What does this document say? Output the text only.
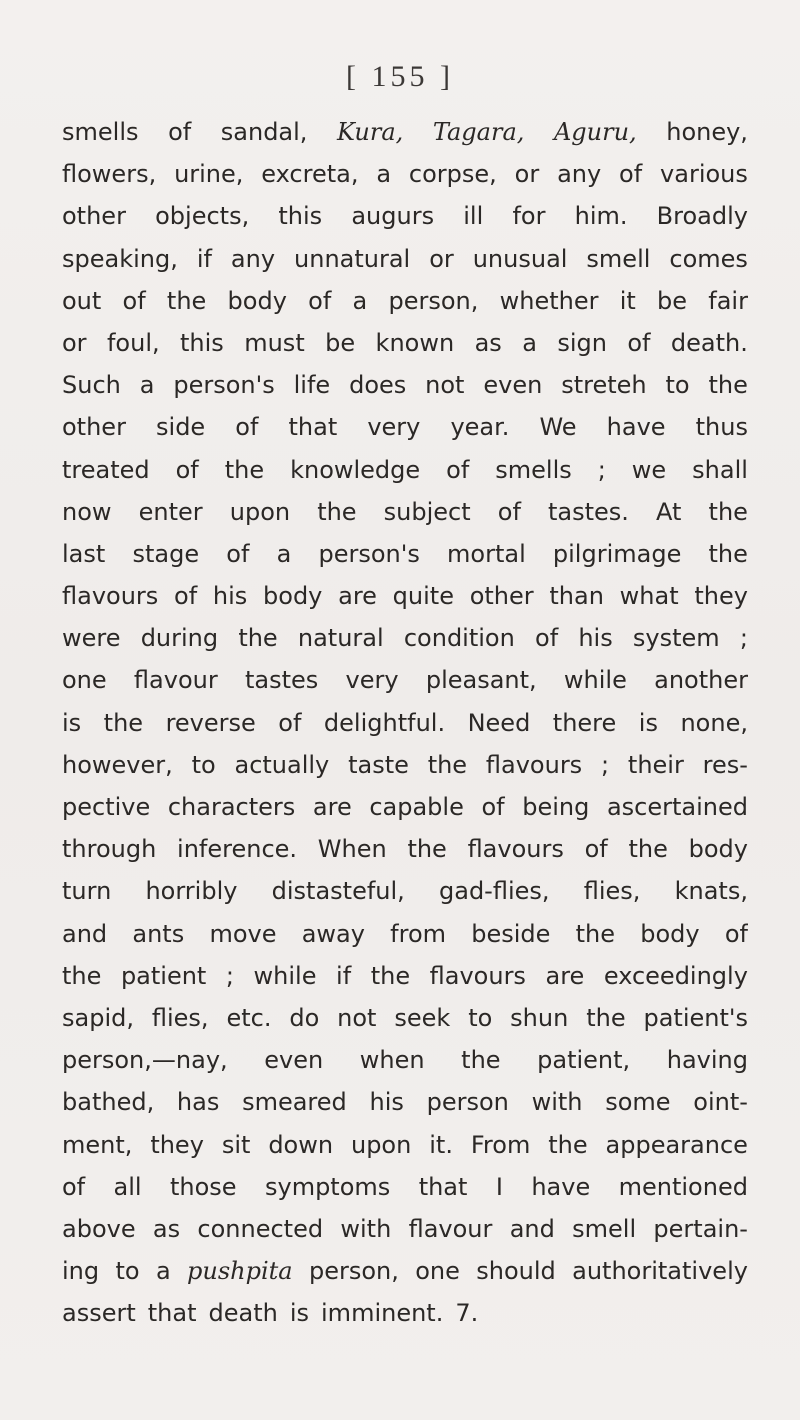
[ 155 ]
smells of sandal, Kura, Tagara, Aguru, honey,
flowers, urine, excreta, a corpse, or any of various
other objects, this augurs ill for him. Broadly
speaking, if any unnatural or unusual smell comes
out of the body of a person, whether it be fair
or foul, this must be known as a sign of death.
Such a person's life does not even streteh to the
other side of that very year. We have thus
treated of the knowledge of smells ; we shall
now enter upon the subject of tastes. At the
last stage of a person's mortal pilgrimage the
flavours of his body are quite other than what they
were during the natural condition of his system ;
one flavour tastes very pleasant, while another
is the reverse of delightful. Need there is none,
however, to actually taste the flavours ; their res-
pective characters are capable of being ascertained
through inference. When the flavours of the body
turn horribly distasteful, gad-flies, flies, knats,
and ants move away from beside the body of
the patient ; while if the flavours are exceedingly
sapid, flies, etc. do not seek to shun the patient's
person,—nay, even when the patient, having
bathed, has smeared his person with some oint-
ment, they sit down upon it. From the appearance
of all those symptoms that I have mentioned
above as connected with flavour and smell pertain-
ing to a pushpita person, one should authoritatively
assert that death is imminent. 7.
